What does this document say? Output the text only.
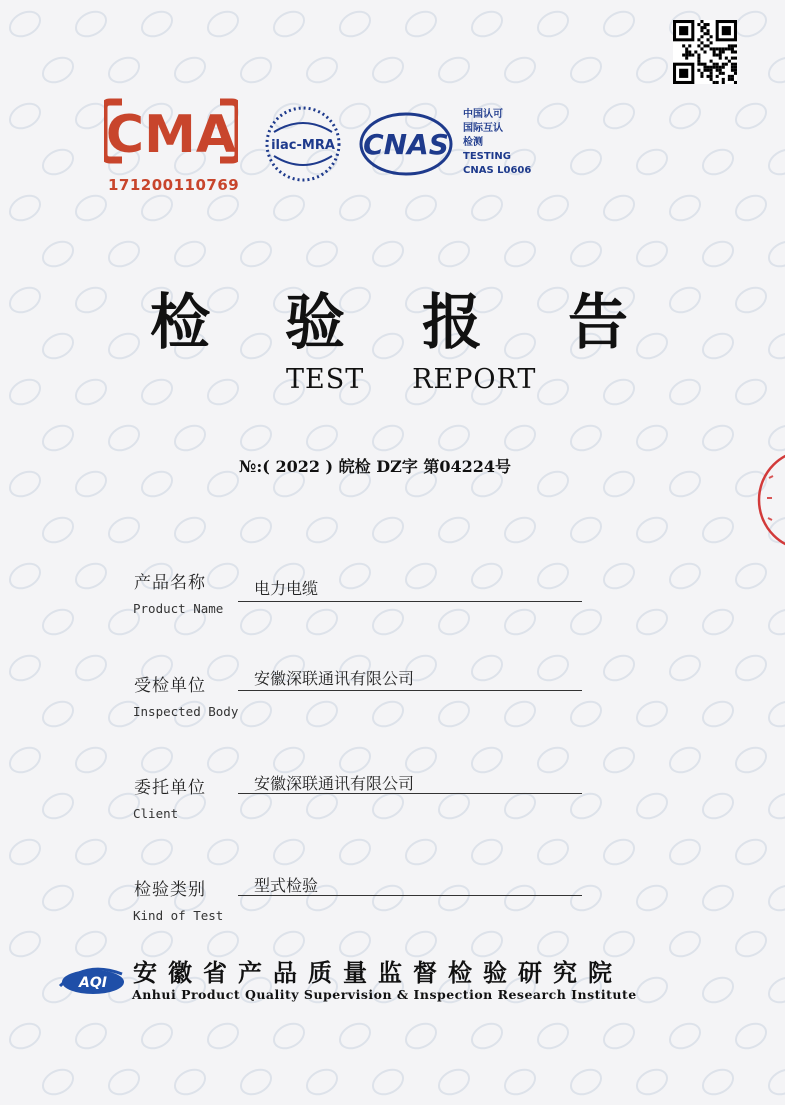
CMA
171200110769
ilac-MRA CNAS
中国认可
国际互认
检测
TESTING
CNAS L0606
检 验 报 告
TEST REPORT
№:( 2022 ) 皖检 DZ字 第04224号
产品名称
Product Name
电力电缆
受检单位
Inspected Body
安徽深联通讯有限公司
委托单位
Client
安徽深联通讯有限公司
检验类别
Kind of Test
型式检验
AQI 安徽省产品质量监督检验研究院
Anhui Product Quality Supervision & Inspection Research Institute
